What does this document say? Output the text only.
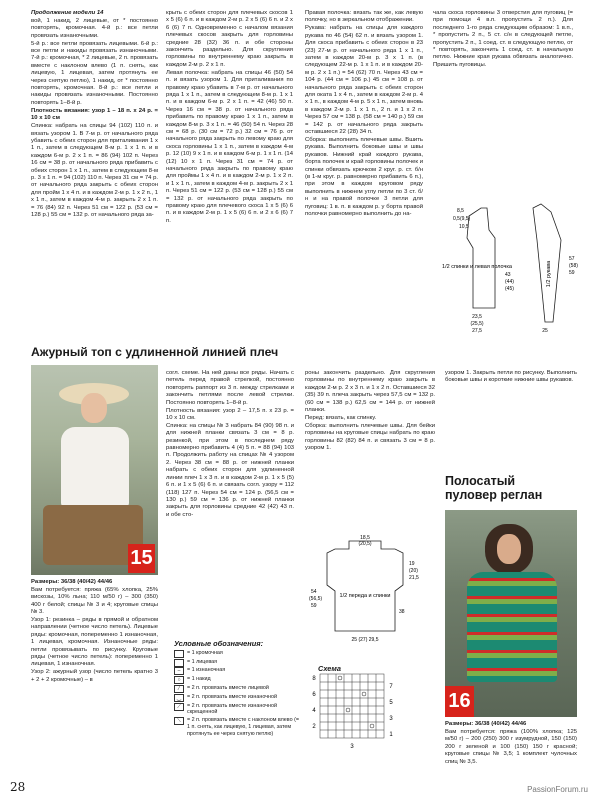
Продолжение модели 14

вой, 1 накид, 2 лицевые, от * постоянно повторять, кромочная. 4-й р.: все петли провязать изнаночными.

5-й р.: все петли провязать лицевыми. 6-й р.: все петли и накиды провязать изнаночными. 7-й р.: кромочная, * 2 лицевые, 2 п. провязать вместе с наклоном влево (1 п. снять, как лицевую, 1 лицевая, затем протянуть ее через снятую петлю), 1 накид, от * постоянно повторять, кромочная. 8-й р.: все петли и накиды провязать изнаночными. Постоянно повторять 1–8-й р.

Плотность вязания: узор 1 – 18 п. х 24 р. = 10 х 10 см

Спинка: набрать на спицы 94 (102) 110 п. и вязать узором 1. В 7-м р. от начального ряда убавить с обеих сторон для приталивания 1 х 1 п., затем в следующем 8-м р. 1 х 1 п. и в каждом 6-м р. 2 х 1 п. = 86 (94) 102 п. Через 16 см = 38 р. от начального ряда прибавить с обеих сторон 1 х 1 п., затем в следующем 8-м р. 3 х 1 п. = 94 (102) 110 п. Через 31 см = 74 р. от начального ряда закрыть с обеих сторон для пройм 1 х 4 п. и в каждом 2-м р. 1 х 2 п., 1 х 1 п., затем в каждом 4-м р. закрыть 2 х 1 п. = 76 (84) 92 п. Через 51 см = 122 р. (53 см = 128 р.) 55 см = 132 р. от начального ряда за-

крыть с обеих сторон для плечевых скосов 1 х 5 (6) 6 п. и в каждом 2-м р. 2 х 5 (6) 6 п. и 2 х 6 (6) 7 п. Одновременно с началом вязания плечевых скосов закрыть для горловины средние 28 (32) 36 п. и обе стороны закончить раздельно. Для скругления горловины по внутреннему краю закрыть в каждом 2-м р. 2 х 1 п.

Левая полочка: набрать на спицы 46 (50) 54 п. и вязать узором 1. Для приталивания по правому краю убавить в 7-м р. от начального ряда 1 х 1 п., затем в следующем 8-м р. 1 х 1 п. и в каждом 6-м р. 2 х 1 п. = 42 (46) 50 п. Через 16 см = 38 р. от начального ряда прибавить по правому краю 1 х 1 п., затем в каждом 8-м р. 3 х 1 п. = 46 (50) 54 п. Через 28 см = 68 р. (30 см = 72 р.) 32 см = 76 р. от начального ряда закрыть по левому краю для скоса горловины 1 х 1 п., затем в каждом 4-м р. 12 (10) 9 х 1 п. и в каждом 6-м р. 1 х 1 п. (14 (12) 10 х 1 п. Через 31 см = 74 р. от начального ряда закрыть по правому краю для проймы 1 х 4 п. и в каждом 2-м р. 1 х 2 п. и 1 х 1 п., затем в каждом 4-м р. закрыть 2 х 1 п. Через 51 см = 122 р. (53 см = 128 р.) 55 см = 132 р. от начального ряда закрыть по правому краю для плечевого скоса 1 х 5 (6) 6 п. и в каждом 2-м р. 1 х 5 (6) 6 п. и 2 х 6 (6) 7 п.

Правая полочка: вязать так же, как левую полочку, но в зеркальном отображении.

Рукава: набрать на спицы для каждого рукава по 46 (54) 62 п. и вязать узором 1. Для скоса прибавить с обеих сторон в 23 (23) 27-м р. от начального ряда 1 х 1 п., затем в каждом 20-м р. 3 х 1 п. (в следующем 22-м р. 1 х 1 п. и в каждом 20-м р. 2 х 1 п.) = 54 (62) 70 п. Через 43 см = 104 р. (44 см = 106 р.) 45 см = 108 р. от начального ряда закрыть с обеих сторон для оката 1 х 4 п., затем в каждом 2-м р. 4 х 1 п., в каждом 4-м р. 5 х 1 п., затем вновь в каждом 2-м р. 1 х 1 п., 2 п. и 1 х 2 п. Через 57 см = 138 р. (58 см = 140 р.) 59 см = 142 р. от начального ряда закрыть оставшиеся 22 (28) 34 п.

Сборка: выполнить плечевые швы. Вшить рукава. Выполнить боковые швы и швы рукавов. Нижний край каждого рукава, борта полочек и край горловины полочек и спинки обвязать крючком 2 круг. р. ст. б/н (в 1-м круг. р. равномерно прибавить 6 п.), при этом в каждом круговом ряду выполнить в нижнем углу петли по 3 ст. б/н и на правой полочке 3 петли для пуговиц: 1 в. п. в каждом р. у борта правой полочки равномерно выполнить до на-

чала скоса горловины 3 отверстия для пуговиц (= при помощи 4 в.п. пропустить 2 п.). Для последнего 1-го ряда следующим образом: 1 в.п., * пропустить 2 п., 5 ст. с/н в следующей петле, пропустить 2 п., 1 соед. ст. в следующую петлю, от * повторять, закончить 1 соед. ст. в начальную петлю. Нижние края рукава обвязать аналогично. Пришить пуговицы.

1/2 спинки и левая полочка	1/2 рукава
8,5
0,5(9,5)
10,5
43
(44)
(45)
23,5
(25,5)
27,5	25
57
(58)
59
Ажурный топ с удлиненной линией плеч
15

Размеры: 36/38 (40/42) 44/46

Вам потребуется: пряжа (65% хлопка, 25% вискозы, 10% льна; 110 м/50 г) – 300 (350) 400 г белой; спицы № 3 и 4; круговые спицы № 3.

Узор 1: резинка – ряды в прямой и обратном направлении (четное число петель). Лицевые ряды: кромочная, попеременно 1 изнаночная, 1 лицевая, кромочная. Изнаночные ряды: петли провязывать по рисунку. Круговые ряды (четное число петель): попеременно 1 лицевая, 1 изнаночная.

Узор 2: ажурный узор (число петель кратно 3 + 2 + 2 кромочные) – в

согл. схеме. На ней даны все ряды. Начать с петель перед правой стрелкой, постоянно повторять раппорт из 3 п. между стрелками и закончить петлями после левой стрелки. Постоянно повторять 1–8-й р.

Плотность вязания: узор 2 – 17,5 п. х 23 р. = 10 х 10 см.

Спинка: на спицы № 3 набрать 84 (90) 98 п. и для нижней планки связать 3 см = 8 р. резинкой, при этом в последнем ряду равномерно прибавить 4 (4) 5 п. = 88 (94) 103 п. Продолжить работу на спицах № 4 узором 2. Через 38 см = 88 р. от нижней планки набрать с обеих сторон для удлиненной линии плеч 1 х 3 п. и в каждом 2-м р. 1 х 5 (5) 6 п. и 1 х 5 (6) 6 п. и связать согл. узору = 112 (118) 127 п. Через 54 см = 124 р. (56,5 см = 130 р.) 59 см = 136 р. от нижней планки закрыть для горловины средние 42 (42) 43 п. и обе сто-

роны закончить раздельно. Для скругления горловины по внутреннему краю закрыть в каждом 2-м р. 2 х 3 п. и 1 х 2 п. Оставшиеся 32 (35) 39 п. плеча закрыть через 57,5 см = 132 р. (60 см = 138 р.) 62,5 см = 144 р. от нижней планки.

Перед: вязать, как спинку.

Сборка: выполнить плечевые швы. Для бейки горловины на круговые спицы набрать по краю горловины 82 (82) 84 п. и связать 3 см = 8 р. узором 1.

узором 1. Закрыть петли по рисунку. Выполнить боковые швы и короткие нижние швы рукавов.

1/2 переда и спинки
18,5
(20,5)
19
(20)
21,5
54
(56,5)
59
38
25 (27) 29,5
Условные обозначения:
= 1 кромочная
= 1 лицевая
–	= 1 изнаночная
○	= 1 накид
⁄	= 2 п. провязать вместе лицевой
‿	= 2 п. провязать вместе изнаночной
⟋	= 2 п. провязать вместе изнаночной скрещенной
⟍	= 2 п. провязать вместе с наклоном влево (= 1 п. снять, как лицевую, 1 лицевая, затем протянуть ее через снятую петлю)
Схема
8
6
4
2
7
5
3
1
3
Полосатый
пуловер реглан
16

Размеры: 36/38 (40/42) 44/46

Вам потребуется: пряжа (100% хлопка; 125 м/50 г) – 200 (250) 300 г изумрудной, 150 (150) 200 г зеленой и 100 (150) 150 г красной; круговые спицы № 3,5; 1 комплект чулочных спиц № 3,5.

28	PassionForum.ru
